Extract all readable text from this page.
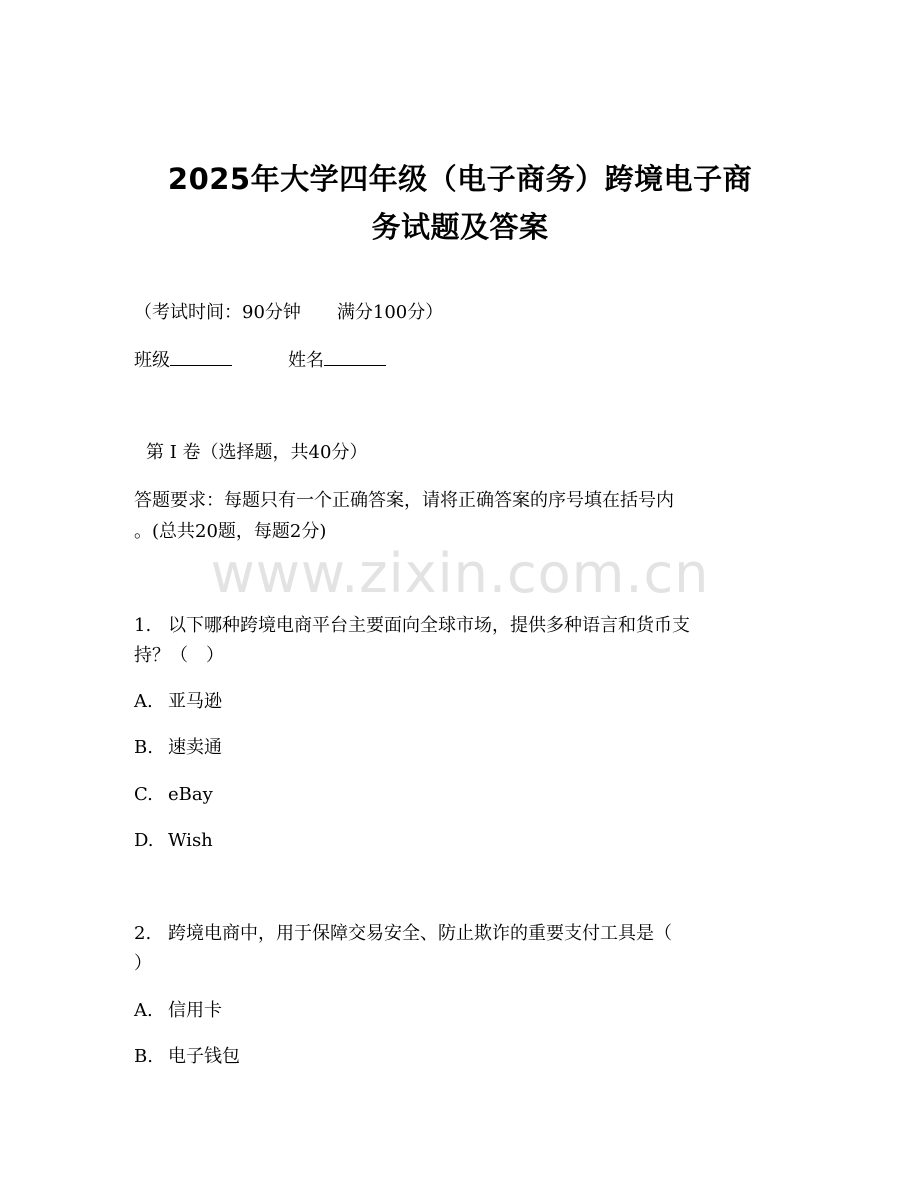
2025年大学四年级（电子商务）跨境电子商
务试题及答案
（考试时间：90分钟　　满分100分）
班级	姓名
第 I 卷（选择题，共40分）
答题要求：每题只有一个正确答案，请将正确答案的序号填在括号内
。(总共20题，每题2分)
www.zixin.com.cn
1. 以下哪种跨境电商平台主要面向全球市场，提供多种语言和货币支
持？（　）
A. 亚马逊
B. 速卖通
C. eBay
D. Wish
2. 跨境电商中，用于保障交易安全、防止欺诈的重要支付工具是（
）
A. 信用卡
B. 电子钱包
